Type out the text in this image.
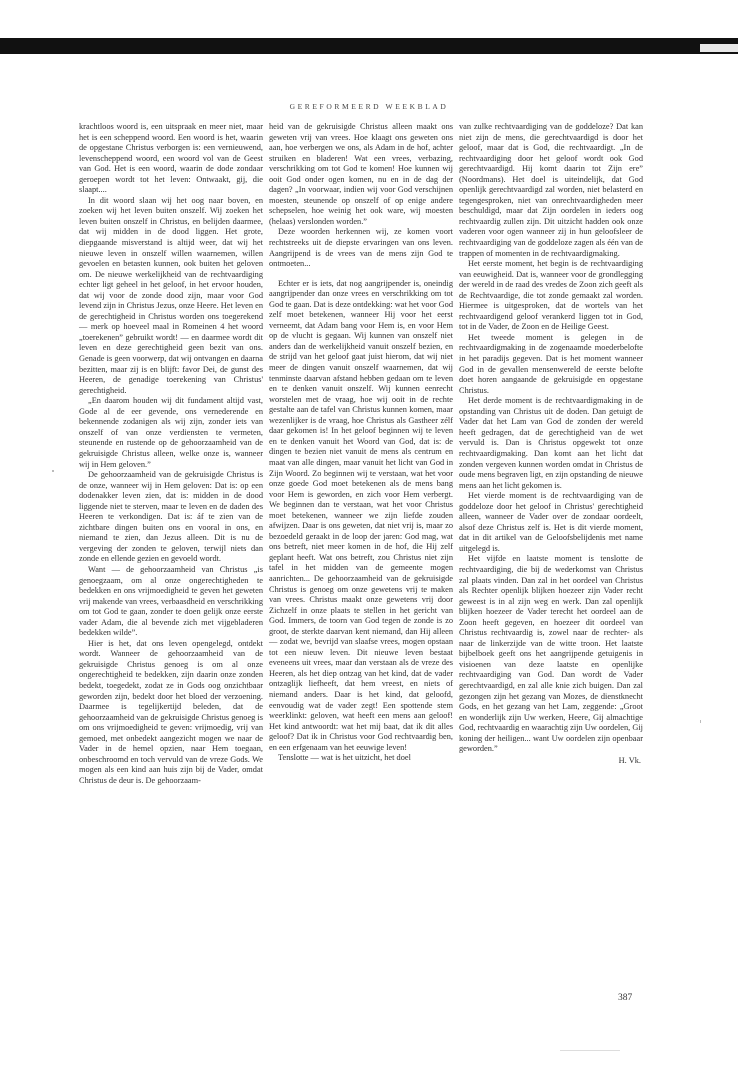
GEREFORMEERD WEEKBLAD

krachtloos woord is, een uitspraak en meer niet, maar het is een scheppend woord. Een woord is het, waarin de opgestane Christus verborgen is: een vernieuwend, levenscheppend woord, een woord vol van de Geest van God. Het is een woord, waarin de dode zondaar geroepen wordt tot het leven: Ontwaakt, gij, die slaapt....

In dit woord slaan wij het oog naar boven, en zoeken wij het leven buiten onszelf. Wij zoeken het leven buiten onszelf in Christus, en belijden daarmee, dat wij midden in de dood liggen. Het grote, diepgaande misverstand is altijd weer, dat wij het nieuwe leven in onszelf willen waarnemen, willen gevoelen en betasten kunnen, ook buiten het geloven om. De nieuwe werkelijkheid van de rechtvaardiging echter ligt geheel in het geloof, in het ervoor houden, dat wij voor de zonde dood zijn, maar voor God levend zijn in Christus Jezus, onze Heere. Het leven en de gerechtigheid in Christus worden ons toegerekend — merk op hoeveel maal in Romeinen 4 het woord „toerekenen” gebruikt wordt! — en daarmee wordt dit leven en deze gerechtigheid geen bezit van ons. Genade is geen voorwerp, dat wij ontvangen en daarna bezitten, maar zij is en blijft: favor Dei, de gunst des Heeren, de genadige toerekening van Christus' gerechtigheid.

„En daarom houden wij dit fundament altijd vast, Gode al de eer gevende, ons vernederende en bekennende zodanigen als wij zijn, zonder iets van onszelf of van onze verdiensten te vermeten, steunende en rustende op de gehoorzaamheid van de gekruisigde Christus alleen, welke onze is, wanneer wij in Hem geloven.”

De gehoorzaamheid van de gekruisigde Christus is de onze, wanneer wij in Hem geloven: Dat is: op een dodenakker leven zien, dat is: midden in de dood liggende niet te sterven, maar te leven en de daden des Heeren te verkondigen. Dat is: áf te zien van de zichtbare dingen buiten ons en vooral in ons, en niemand te zien, dan Jezus alleen. Dit is nu de vergeving der zonden te geloven, terwijl niets dan zonde en ellende gezien en gevoeld wordt.

Want — de gehoorzaamheid van Christus „is genoegzaam, om al onze ongerechtigheden te bedekken en ons vrijmoedigheid te geven het geweten vrij makende van vrees, verbaasdheid en verschrikking om tot God te gaan, zonder te doen gelijk onze eerste vader Adam, die al bevende zich met vijgebladeren bedekken wilde”.

Hier is het, dat ons leven opengelegd, ontdekt wordt. Wanneer de gehoorzaamheid van de gekruisigde Christus genoeg is om al onze ongerechtigheid te bedekken, zijn daarin onze zonden bedekt, toegedekt, zodat ze in Gods oog onzichtbaar geworden zijn, bedekt door het bloed der verzoening. Daarmee is tegelijkertijd beleden, dat de gehoorzaamheid van de gekruisigde Christus genoeg is om ons vrijmoedigheid te geven: vrijmoedig, vrij van gemoed, met onbedekt aangezicht mogen we naar de Vader in de hemel opzien, naar Hem toegaan, onbeschroomd en toch vervuld van de vreze Gods. We mogen als een kind aan huis zijn bij de Vader, omdat Christus de deur is. De gehoorzaam-

heid van de gekruisigde Christus alleen maakt ons geweten vrij van vrees. Hoe klaagt ons geweten ons aan, hoe verbergen we ons, als Adam in de hof, achter struiken en bladeren! Wat een vrees, verbazing, verschrikking om tot God te komen! Hoe kunnen wij ooit God onder ogen komen, nu en in de dag der dagen? „In voorwaar, indien wij voor God verschijnen moesten, steunende op onszelf of op enige andere schepselen, hoe weinig het ook ware, wij moesten (helaas) verslonden worden.”

Deze woorden herkennen wij, ze komen voort rechtstreeks uit de diepste ervaringen van ons leven. Aangrijpend is de vrees van de mens zijn God te ontmoeten...

Echter er is iets, dat nog aangrijpender is, oneindig aangrijpender dan onze vrees en verschrikking om tot God te gaan. Dat is deze ontdekking: wat het voor God zelf moet betekenen, wanneer Hij voor het eerst verneemt, dat Adam bang voor Hem is, en voor Hem op de vlucht is gegaan. Wij kunnen van onszelf niet anders dan de werkelijkheid vanuit onszelf bezien, en de strijd van het geloof gaat juist hierom, dat wij niet meer de dingen vanuit onszelf waarnemen, dat wij tenminste daarvan afstand hebben gedaan om te leven en te denken vanuit onszelf. Wij kunnen eenrecht worstelen met de vraag, hoe wij ooit in de rechte gestalte aan de tafel van Christus kunnen komen, maar wezenlijker is de vraag, hoe Christus als Gastheer zélf daar gekomen is! In het geloof beginnen wij te leven en te denken vanuit het Woord van God, dat is: de dingen te bezien niet vanuit de mens als centrum en maat van alle dingen, maar vanuit het licht van God in Zijn Woord. Zo beginnen wij te verstaan, wat het voor onze goede God moet betekenen als de mens bang voor Hem is geworden, en zich voor Hem verbergt. We beginnen dan te verstaan, wat het voor Christus moet betekenen, wanneer we zijn liefde zouden afwijzen. Daar is ons geweten, dat niet vrij is, maar zo bezoedeld geraakt in de loop der jaren: God mag, wat ons betreft, niet meer komen in de hof, die Hij zelf geplant heeft. Wat ons betreft, zou Christus niet zijn tafel in het midden van de gemeente mogen aanrichten... De gehoorzaamheid van de gekruisigde Christus is genoeg om onze gewetens vrij te maken van vrees. Christus maakt onze gewetens vrij door Zichzelf in onze plaats te stellen in het gericht van God. Immers, de toorn van God tegen de zonde is zo groot, de sterkte daarvan kent niemand, dan Hij alleen — zodat we, bevrijd van slaafse vrees, mogen opstaan tot een nieuw leven. Dit nieuwe leven bestaat eveneens uit vrees, maar dan verstaan als de vreze des Heeren, als het diep ontzag van het kind, dat de vader ontzaglijk liefheeft, dat hem vreest, en niets of niemand anders. Daar is het kind, dat geloofd, eenvoudig wat de vader zegt! Een spottende stem weerklinkt: geloven, wat heeft een mens aan geloof! Het kind antwoordt: wat het mij baat, dat ik dit alles geloof? Dat ik in Christus voor God rechtvaardig ben, en een erfgenaam van het eeuwige leven!

Tenslotte — wat is het uitzicht, het doel

van zulke rechtvaardiging van de goddeloze? Dat kan niet zijn de mens, die gerechtvaardigd is door het geloof, maar dat is God, die rechtvaardigt. „In de rechtvaardiging door het geloof wordt ook God gerechtvaardigd. Hij komt daarin tot Zijn ere” (Noordmans). Het doel is uiteindelijk, dat God openlijk gerechtvaardigd zal worden, niet belasterd en tegengesproken, niet van onrechtvaardigheden meer beschuldigd, maar dat Zijn oordelen in ieders oog rechtvaardig zullen zijn. Dit uitzicht hadden ook onze vaderen voor ogen wanneer zij in hun geloofsleer de rechtvaardiging van de goddeloze zagen als één van de trappen of momenten in de rechtvaardigmaking.

Het eerste moment, het begin is de rechtvaardiging van eeuwigheid. Dat is, wanneer voor de grondlegging der wereld in de raad des vredes de Zoon zich geeft als de Rechtvaardige, die tot zonde gemaakt zal worden. Hiermee is uitgesproken, dat de wortels van het rechtvaardigend geloof verankerd liggen tot in God, tot in de Vader, de Zoon en de Heilige Geest.

Het tweede moment is gelegen in de rechtvaardigmaking in de zogenaamde moederbelofte in het paradijs gegeven. Dat is het moment wanneer God in de gevallen mensenwereld de eerste belofte doet horen aangaande de gekruisigde en opgestane Christus.

Het derde moment is de rechtvaardigmaking in de opstanding van Christus uit de doden. Dan getuigt de Vader dat het Lam van God de zonden der wereld heeft gedragen, dat de gerechtigheid van de wet vervuld is. Dan is Christus opgewekt tot onze rechtvaardigmaking. Dan komt aan het licht dat zonden vergeven kunnen worden omdat in Christus de oude mens begraven ligt, en zijn opstanding de nieuwe mens aan het licht gekomen is.

Het vierde moment is de rechtvaardiging van de goddeloze door het geloof in Christus' gerechtigheid alleen, wanneer de Vader over de zondaar oordeelt, alsof deze Christus zelf is. Het is dit vierde moment, dat in dit artikel van de Geloofsbelijdenis met name uitgelegd is.

Het vijfde en laatste moment is tenslotte de rechtvaardiging, die bij de wederkomst van Christus zal plaats vinden. Dan zal in het oordeel van Christus als Rechter openlijk blijken hoezeer zijn Vader recht geweest is in al zijn weg en werk. Dan zal openlijk blijken hoezeer de Vader terecht het oordeel aan de Zoon heeft gegeven, en hoezeer dit oordeel van Christus rechtvaardig is, zowel naar de rechter- als naar de linkerzijde van de witte troon. Het laatste bijbelboek geeft ons het aangrijpende getuigenis in visioenen van deze laatste en openlijke rechtvaardiging van God. Dan wordt de Vader gerechtvaardigd, en zal alle knie zich buigen. Dan zal gezongen zijn het gezang van Mozes, de dienstknecht Gods, en het gezang van het Lam, zeggende: „Groot en wonderlijk zijn Uw werken, Heere, Gij almachtige God, rechtvaardig en waarachtig zijn Uw oordelen, Gij koning der heiligen... want Uw oordelen zijn openbaar geworden.”

H. Vk.
387
